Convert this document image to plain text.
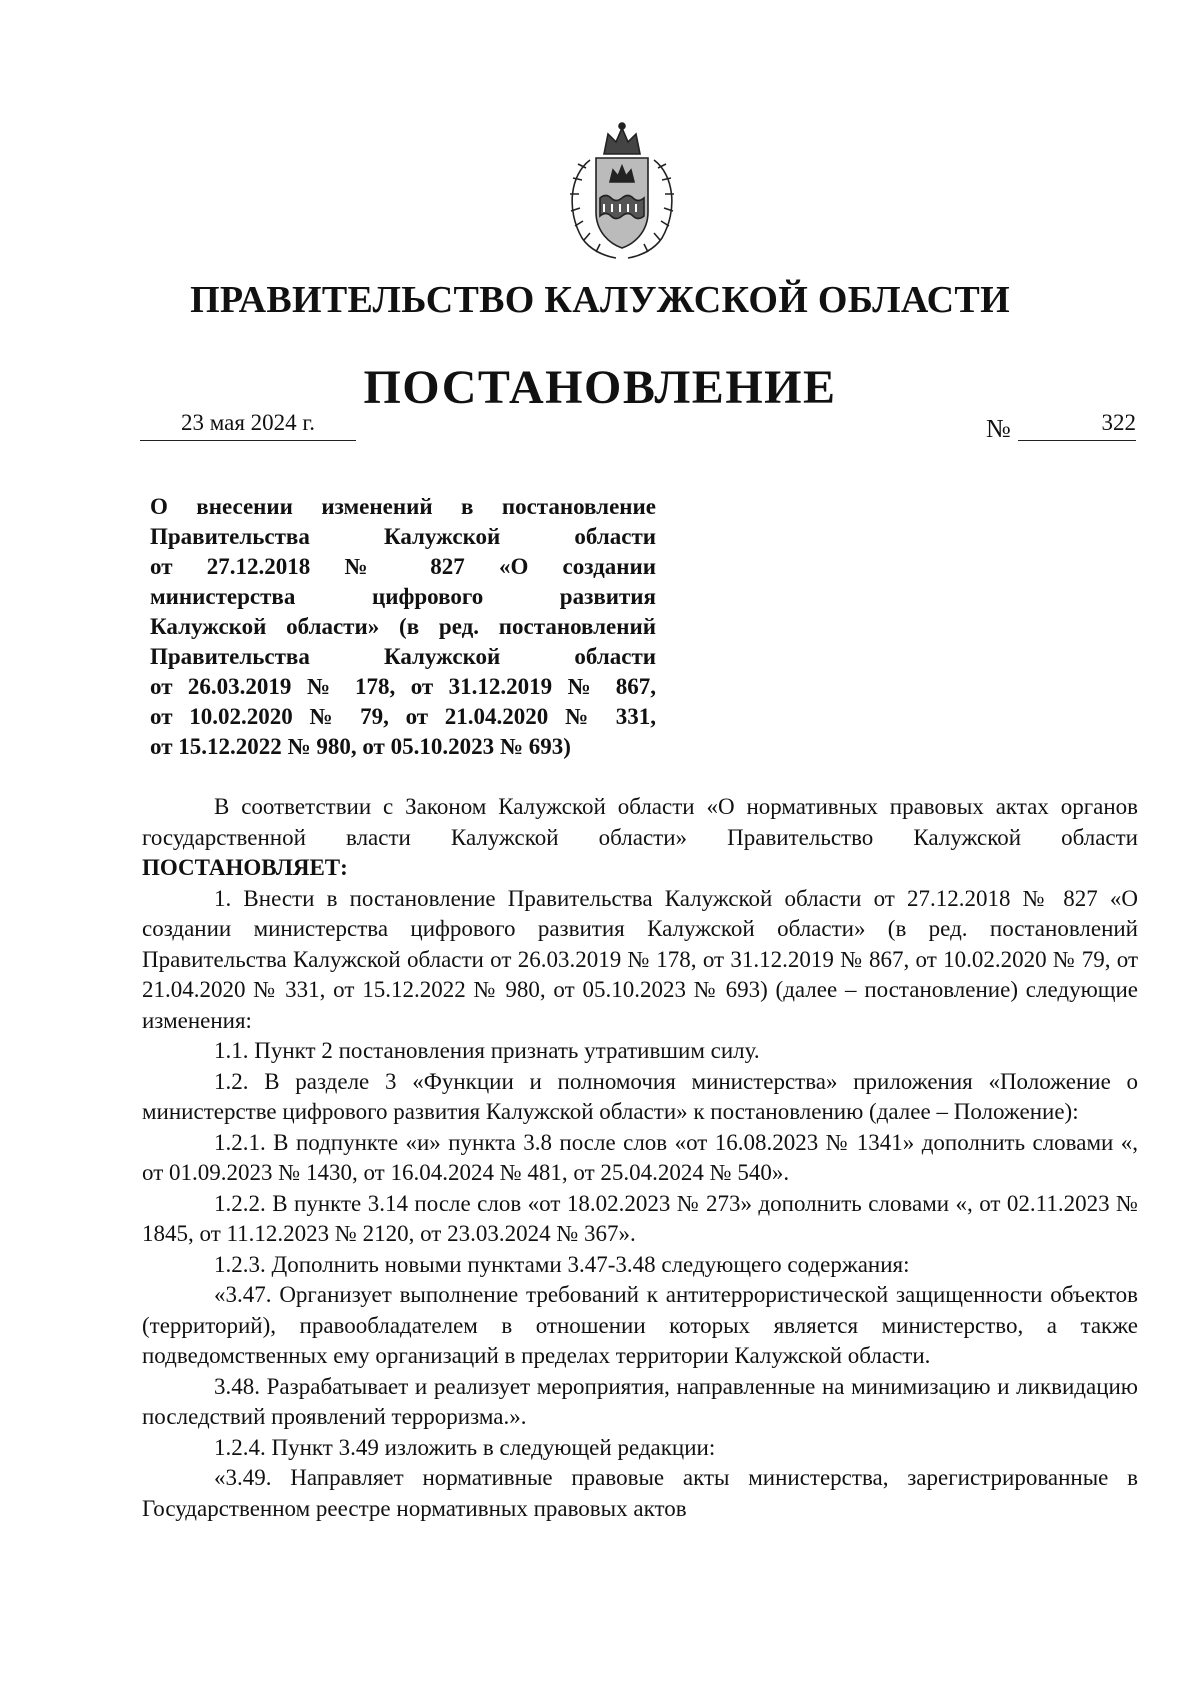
ПРАВИТЕЛЬСТВО КАЛУЖСКОЙ ОБЛАСТИ
ПОСТАНОВЛЕНИЕ
23 мая 2024 г.	№	322
О внесении изменений в постановление
Правительства Калужской области
от 27.12.2018 № 827 «О создании
министерства цифрового развития
Калужской области» (в ред. постановлений
Правительства Калужской области
от 26.03.2019 № 178, от 31.12.2019 № 867,
от 10.02.2020 № 79, от 21.04.2020 № 331,

от 15.12.2022 № 980, от 05.10.2023 № 693)

В соответствии с Законом Калужской области «О нормативных правовых актах органов государственной власти Калужской области» Правительство Калужской области ПОСТАНОВЛЯЕТ:

1. Внести в постановление Правительства Калужской области от 27.12.2018 № 827 «О создании министерства цифрового развития Калужской области» (в ред. постановлений Правительства Калужской области от 26.03.2019 № 178, от 31.12.2019 № 867, от 10.02.2020 № 79, от 21.04.2020 № 331, от 15.12.2022 № 980, от 05.10.2023 № 693) (далее – постановление) следующие изменения:

1.1. Пункт 2 постановления признать утратившим силу.

1.2. В разделе 3 «Функции и полномочия министерства» приложения «Положение о министерстве цифрового развития Калужской области» к постановлению (далее – Положение):

1.2.1. В подпункте «и» пункта 3.8 после слов «от 16.08.2023 № 1341» дополнить словами «, от 01.09.2023 № 1430, от 16.04.2024 № 481, от 25.04.2024 № 540».

1.2.2. В пункте 3.14 после слов «от 18.02.2023 № 273» дополнить словами «, от 02.11.2023 № 1845, от 11.12.2023 № 2120, от 23.03.2024 № 367».

1.2.3. Дополнить новыми пунктами 3.47-3.48 следующего содержания:

«3.47. Организует выполнение требований к антитеррористической защищенности объектов (территорий), правообладателем в отношении которых является министерство, а также подведомственных ему организаций в пределах территории Калужской области.

3.48. Разрабатывает и реализует мероприятия, направленные на минимизацию и ликвидацию последствий проявлений терроризма.».

1.2.4. Пункт 3.49 изложить в следующей редакции:

«3.49. Направляет нормативные правовые акты министерства, зарегистрированные в Государственном реестре нормативных правовых актов
